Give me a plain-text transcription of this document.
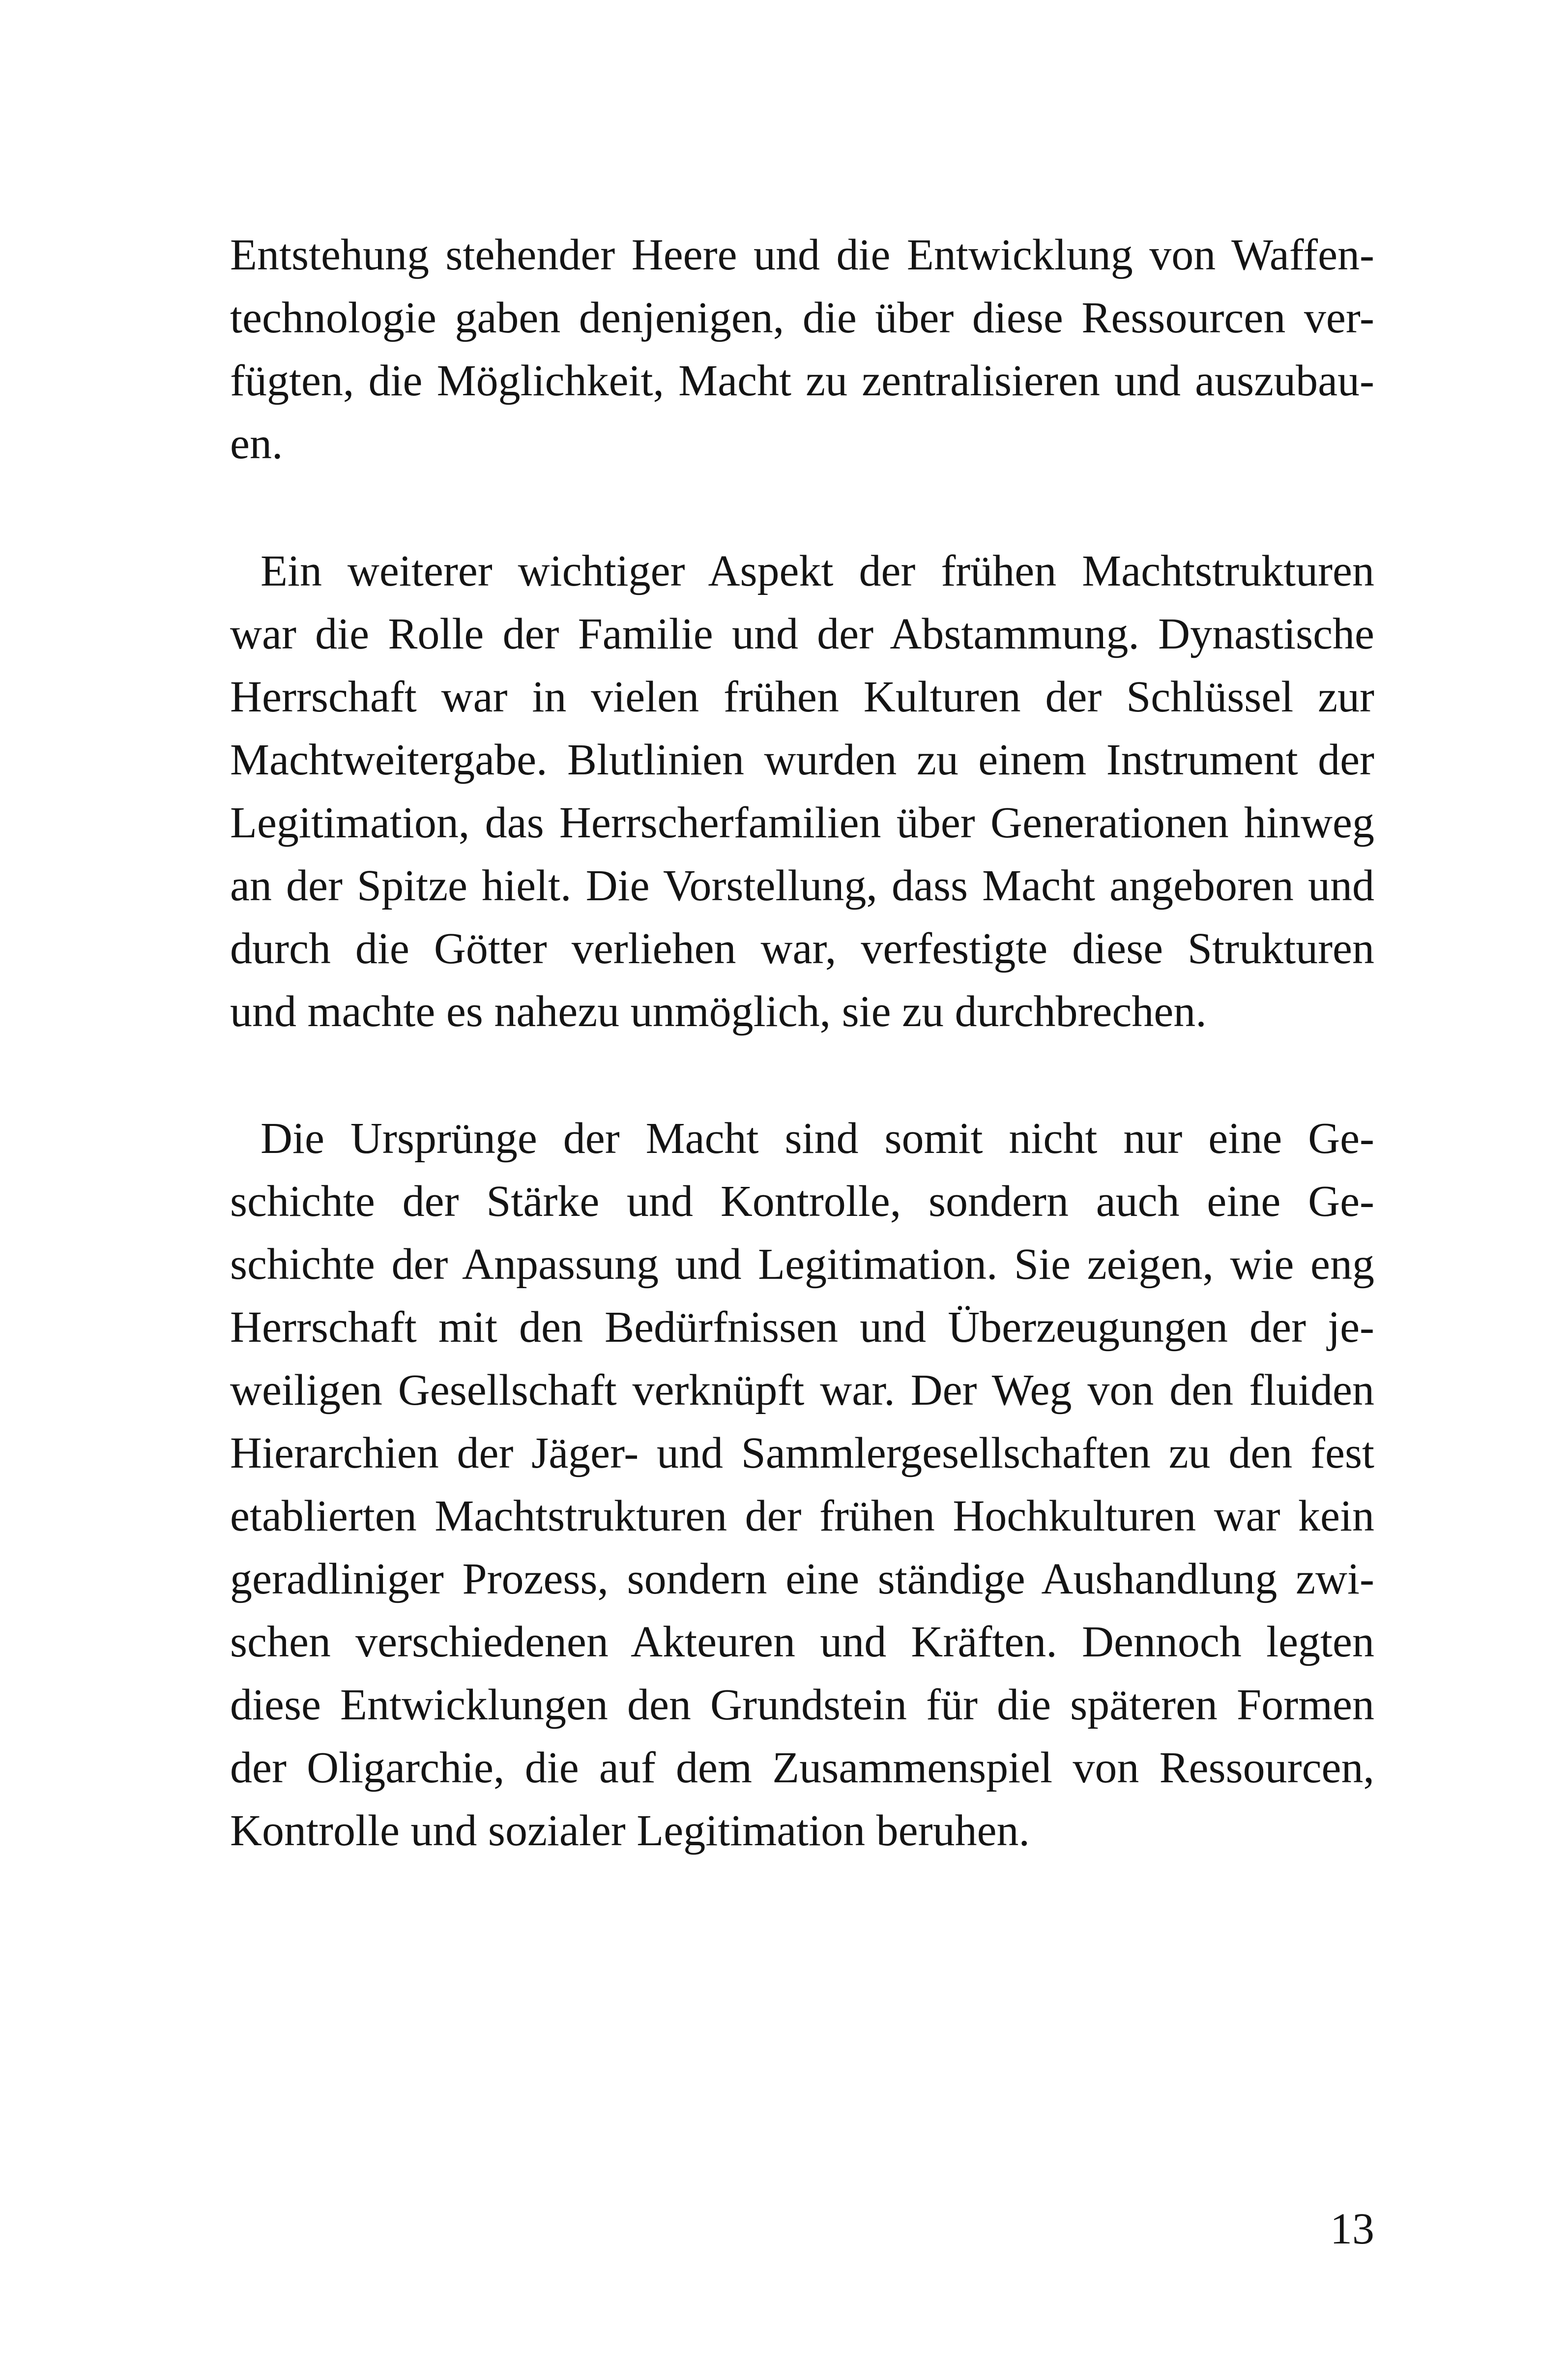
Entstehung stehender Heere und die Entwicklung von Waffen-
technologie gaben denjenigen, die über diese Ressourcen ver-
fügten, die Möglichkeit, Macht zu zentralisieren und auszubau-
en.
Ein weiterer wichtiger Aspekt der frühen Machtstrukturen
war die Rolle der Familie und der Abstammung. Dynastische
Herrschaft war in vielen frühen Kulturen der Schlüssel zur
Machtweitergabe. Blutlinien wurden zu einem Instrument der
Legitimation, das Herrscherfamilien über Generationen hinweg
an der Spitze hielt. Die Vorstellung, dass Macht angeboren und
durch die Götter verliehen war, verfestigte diese Strukturen
und machte es nahezu unmöglich, sie zu durchbrechen.
Die Ursprünge der Macht sind somit nicht nur eine Ge-
schichte der Stärke und Kontrolle, sondern auch eine Ge-
schichte der Anpassung und Legitimation. Sie zeigen, wie eng
Herrschaft mit den Bedürfnissen und Überzeugungen der je-
weiligen Gesellschaft verknüpft war. Der Weg von den fluiden
Hierarchien der Jäger- und Sammlergesellschaften zu den fest
etablierten Machtstrukturen der frühen Hochkulturen war kein
geradliniger Prozess, sondern eine ständige Aushandlung zwi-
schen verschiedenen Akteuren und Kräften. Dennoch legten
diese Entwicklungen den Grundstein für die späteren Formen
der Oligarchie, die auf dem Zusammenspiel von Ressourcen,
Kontrolle und sozialer Legitimation beruhen.
13
